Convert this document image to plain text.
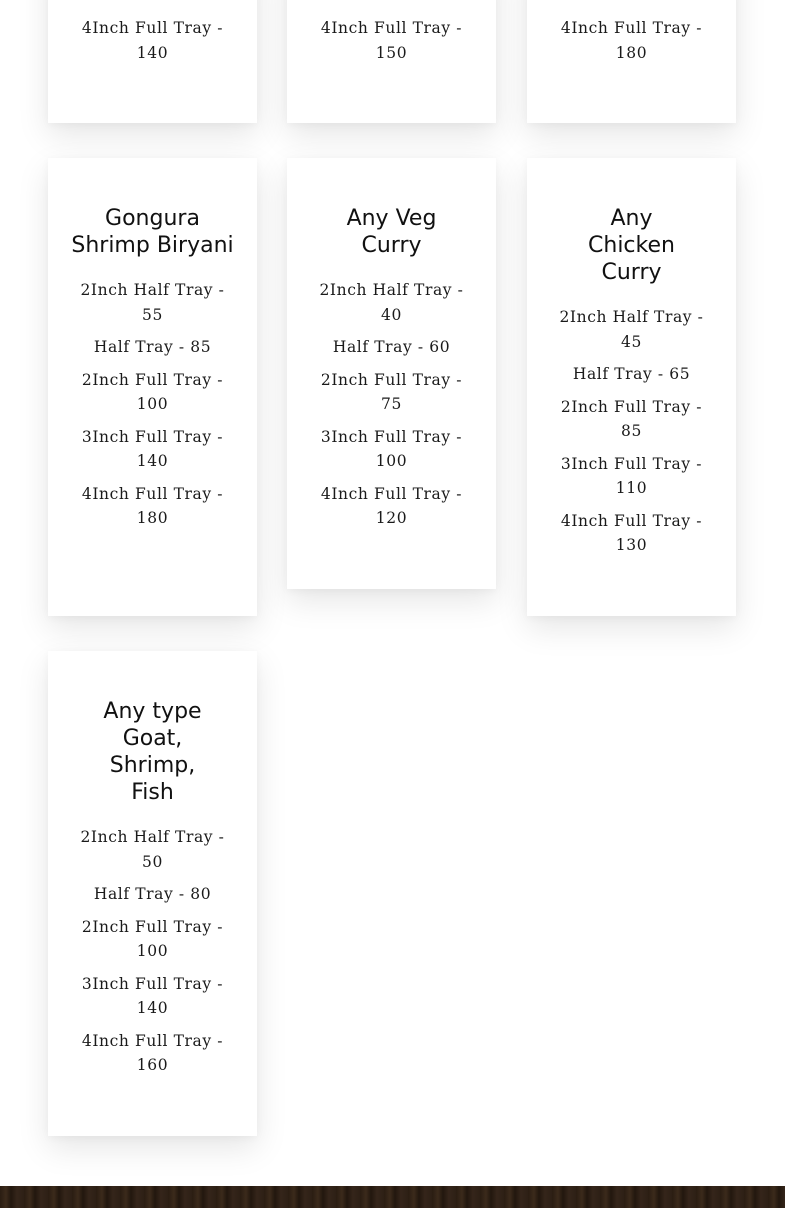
4Inch Full Tray - 140
4Inch Full Tray - 150
4Inch Full Tray - 180
Gongura Shrimp Biryani
2Inch Half Tray - 55
Half Tray - 85
2Inch Full Tray - 100
3Inch Full Tray - 140
4Inch Full Tray - 180
Any Veg Curry
2Inch Half Tray - 40
Half Tray - 60
2Inch Full Tray - 75
3Inch Full Tray - 100
4Inch Full Tray - 120
Any Chicken Curry
2Inch Half Tray - 45
Half Tray - 65
2Inch Full Tray - 85
3Inch Full Tray - 110
4Inch Full Tray - 130
Any type Goat, Shrimp, Fish
2Inch Half Tray - 50
Half Tray - 80
2Inch Full Tray - 100
3Inch Full Tray - 140
4Inch Full Tray - 160
